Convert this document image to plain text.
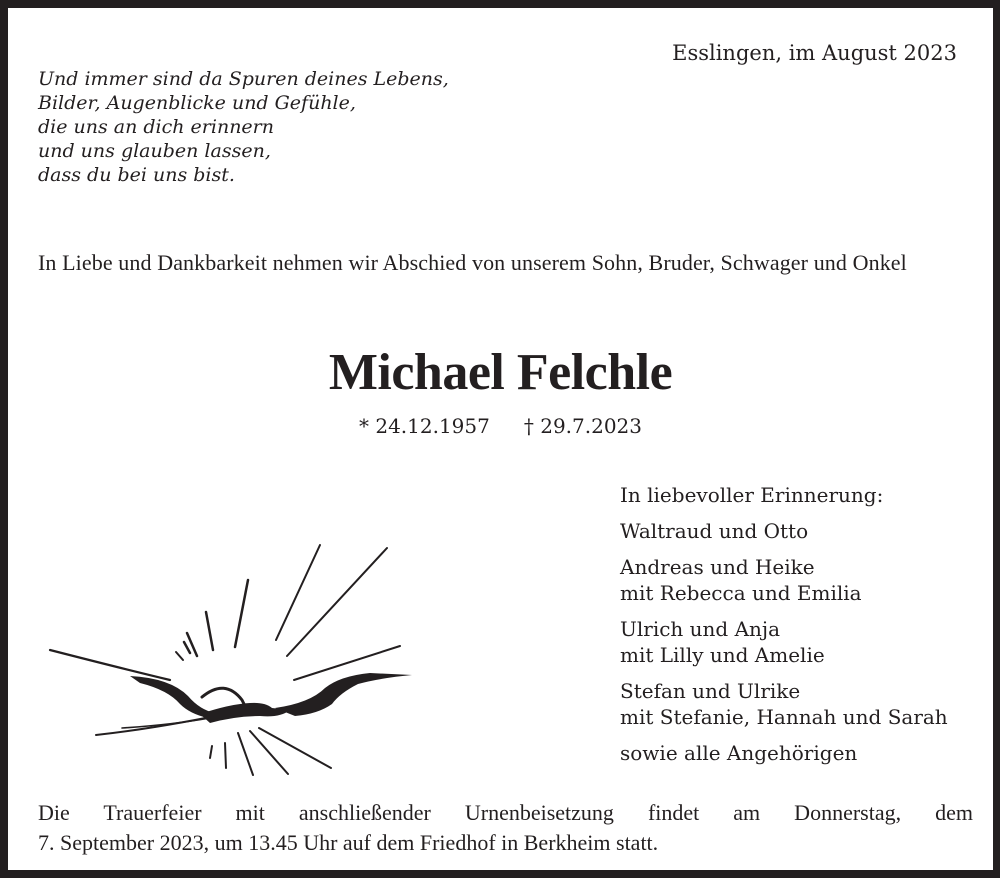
Esslingen, im August 2023
Und immer sind da Spuren deines Lebens,
Bilder, Augenblicke und Gefühle,
die uns an dich erinnern
und uns glauben lassen,
dass du bei uns bist.
In Liebe und Dankbarkeit nehmen wir Abschied von unserem Sohn, Bruder, Schwager und Onkel
Michael Felchle
* 24.12.1957 † 29.7.2023
In liebevoller Erinnerung:
Waltraud und Otto
Andreas und Heike
mit Rebecca und Emilia
Ulrich und Anja
mit Lilly und Amelie
Stefan und Ulrike
mit Stefanie, Hannah und Sarah
sowie alle Angehörigen
Die Trauerfeier mit anschließender Urnenbeisetzung findet am Donnerstag, dem
7. September 2023, um 13.45 Uhr auf dem Friedhof in Berkheim statt.
